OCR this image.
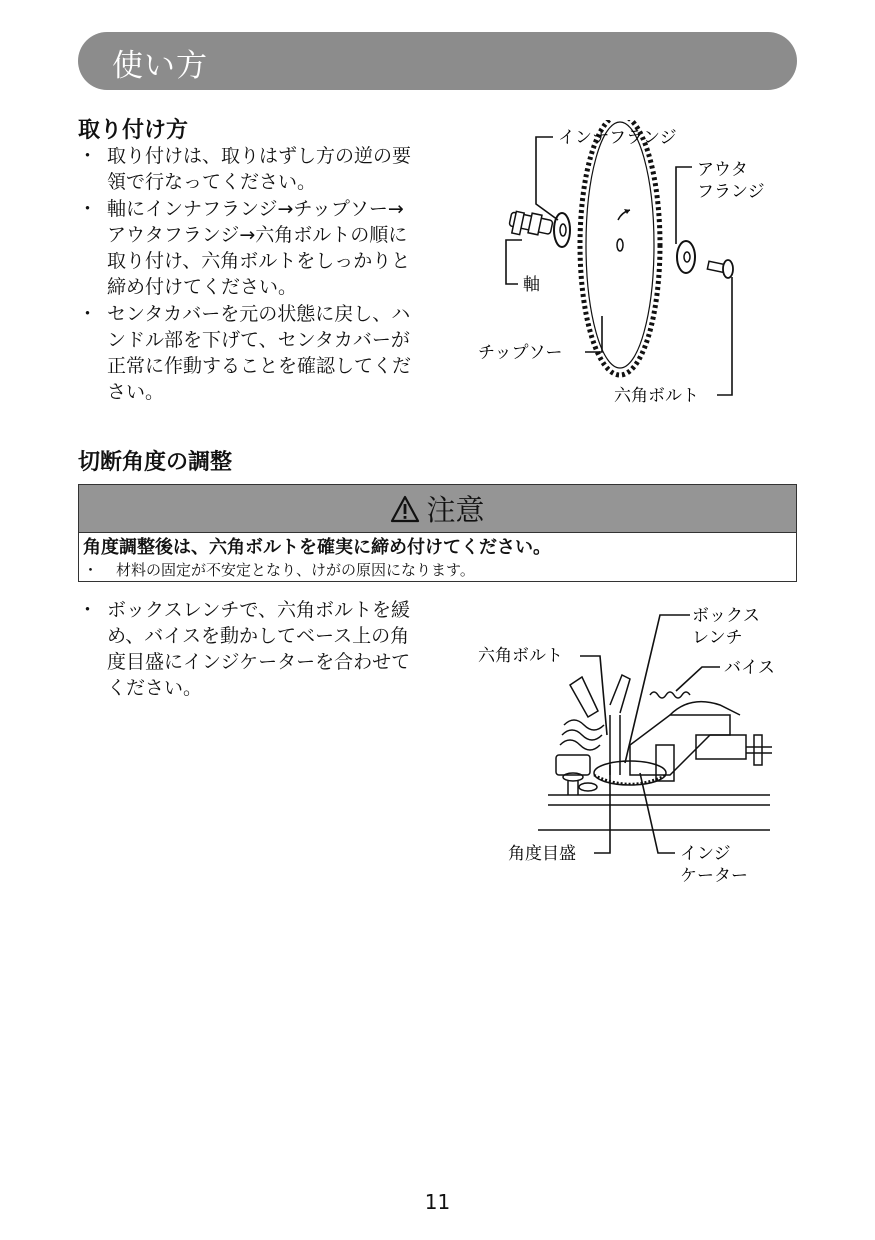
使い方
取り付け方
・ 取り付けは、取りはずし方の逆の要
領で行なってください。
・ 軸にインナフランジ→チップソー→
アウタフランジ→六角ボルトの順に
取り付け、六角ボルトをしっかりと
締め付けてください。
・ センタカバーを元の状態に戻し、ハ
ンドル部を下げて、センタカバーが
正常に作動することを確認してくだ
さい。
インナフランジ
アウタ
フランジ
軸
チップソー
六角ボルト
切断角度の調整
注意
角度調整後は、六角ボルトを確実に締め付けてください。
・ 材料の固定が不安定となり、けがの原因になります。
・ ボックスレンチで、六角ボルトを緩
め、バイスを動かしてベース上の角
度目盛にインジケーターを合わせて
ください。
ボックス
レンチ
六角ボルト
バイス
角度目盛	インジ
ケーター
11
